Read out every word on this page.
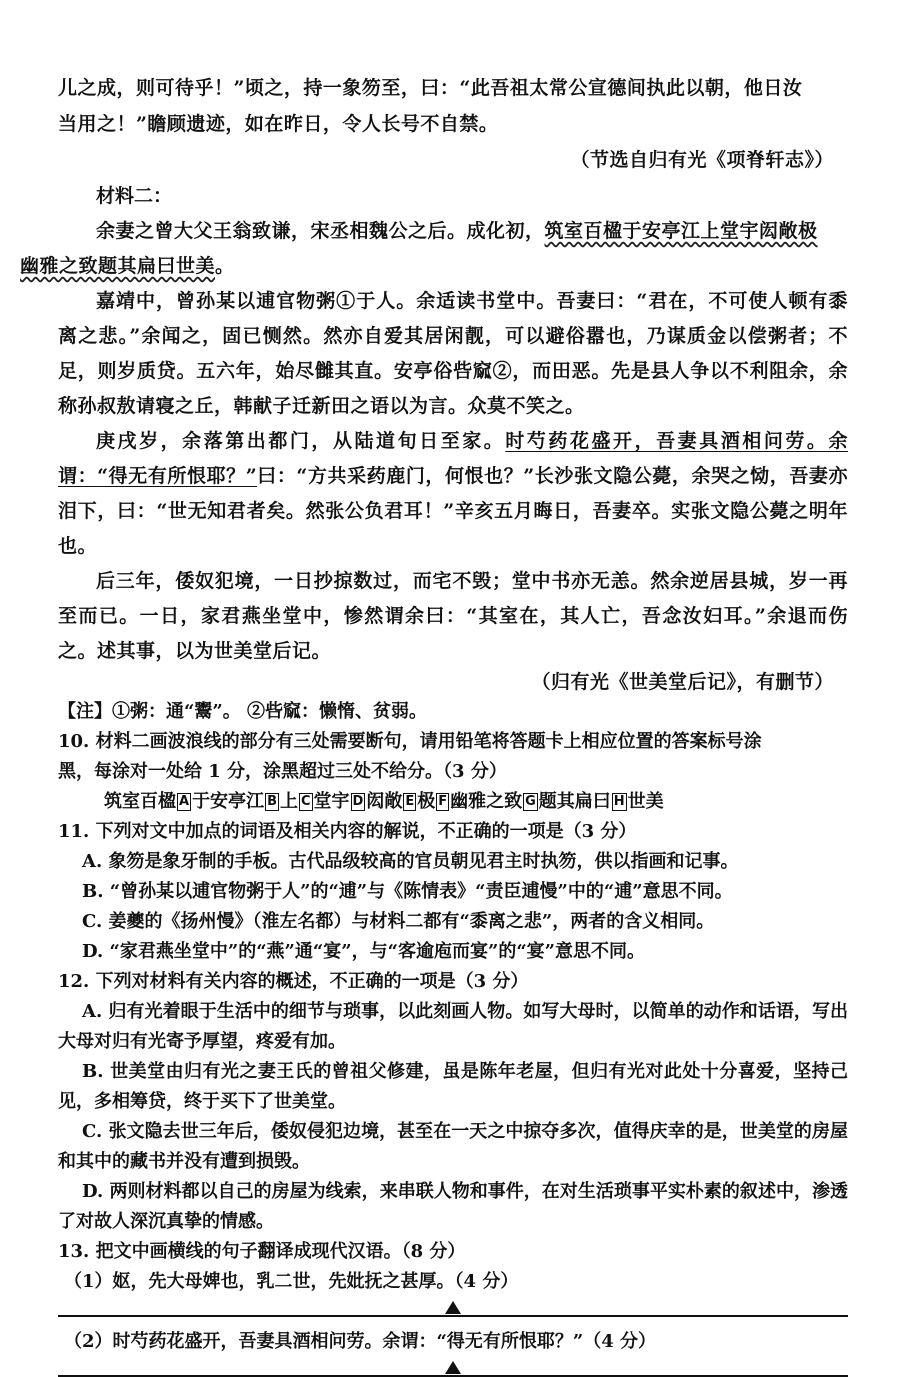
儿之成，则可待乎！”顷之，持一象笏至，曰：“此吾祖太常公宣德间执此以朝，他日汝

当用之！”瞻顾遗迹，如在昨日，令人长号不自禁。

（节选自归有光《项脊轩志》）

材料二：

余妻之曾大父王翁致谦，宋丞相魏公之后。成化初，筑室百楹于安亭江上堂宇闳敞极
幽雅之致题其扁曰世美。

嘉靖中，曾孙某以逋官物粥①于人。余适读书堂中。吾妻曰：“君在，不可使人顿有黍离之悲。”余闻之，固已恻然。然亦自爱其居闲靓，可以避俗嚣也，乃谋质金以偿粥者；不足，则岁质贷。五六年，始尽雠其直。安亭俗呰窳②，而田恶。先是县人争以不利阻余，余称孙叔敖请寝之丘，韩献子迁新田之语以为言。众莫不笑之。

庚戌岁，余落第出都门，从陆道旬日至家。时芍药花盛开，吾妻具酒相问劳。余谓：“得无有所恨耶？”曰：“方共采药鹿门，何恨也？”长沙张文隐公薨，余哭之恸，吾妻亦泪下，曰：“世无知君者矣。然张公负君耳！”辛亥五月晦日，吾妻卒。实张文隐公薨之明年也。

后三年，倭奴犯境，一日抄掠数过，而宅不毁；堂中书亦无恙。然余逆居县城，岁一再至而已。一日，家君燕坐堂中，惨然谓余曰：“其室在，其人亡，吾念汝妇耳。”余退而伤之。述其事，以为世美堂后记。

（归有光《世美堂后记》，有删节）

【注】①粥：通“鬻”。 ②呰窳：懒惰、贫弱。

10. 材料二画波浪线的部分有三处需要断句，请用铅笔将答题卡上相应位置的答案标号涂

黑，每涂对一处给 1 分，涂黑超过三处不给分。（3 分）

筑室百楹 A 于安亭江 B 上 C 堂宇 D 闳敞 E 极 F 幽雅之致 G 题其扁曰 H 世美

11. 下列对文中加点的词语及相关内容的解说，不正确的一项是（3 分）

A. 象笏是象牙制的手板。古代品级较高的官员朝见君主时执笏，供以指画和记事。

B. “曾孙某以逋官物粥于人”的“逋”与《陈情表》“责臣逋慢”中的“逋”意思不同。

C. 姜夔的《扬州慢》（淮左名都）与材料二都有“黍离之悲”，两者的含义相同。

D. “家君燕坐堂中”的“燕”通“宴”，与“客逾庖而宴”的“宴”意思不同。

12. 下列对材料有关内容的概述，不正确的一项是（3 分）

A. 归有光着眼于生活中的细节与琐事，以此刻画人物。如写大母时，以简单的动作和话语，写出大母对归有光寄予厚望，疼爱有加。

B. 世美堂由归有光之妻王氏的曾祖父修建，虽是陈年老屋，但归有光对此处十分喜爱，坚持己见，多相筹贷，终于买下了世美堂。

C. 张文隐去世三年后，倭奴侵犯边境，甚至在一天之中掠夺多次，值得庆幸的是，世美堂的房屋和其中的藏书并没有遭到损毁。

D. 两则材料都以自己的房屋为线索，来串联人物和事件，在对生活琐事平实朴素的叙述中，渗透了对故人深沉真挚的情感。

13. 把文中画横线的句子翻译成现代汉语。（8 分）

（1）妪，先大母婢也，乳二世，先妣抚之甚厚。（4 分）

（2）时芍药花盛开，吾妻具酒相问劳。余谓：“得无有所恨耶？”（4 分）
